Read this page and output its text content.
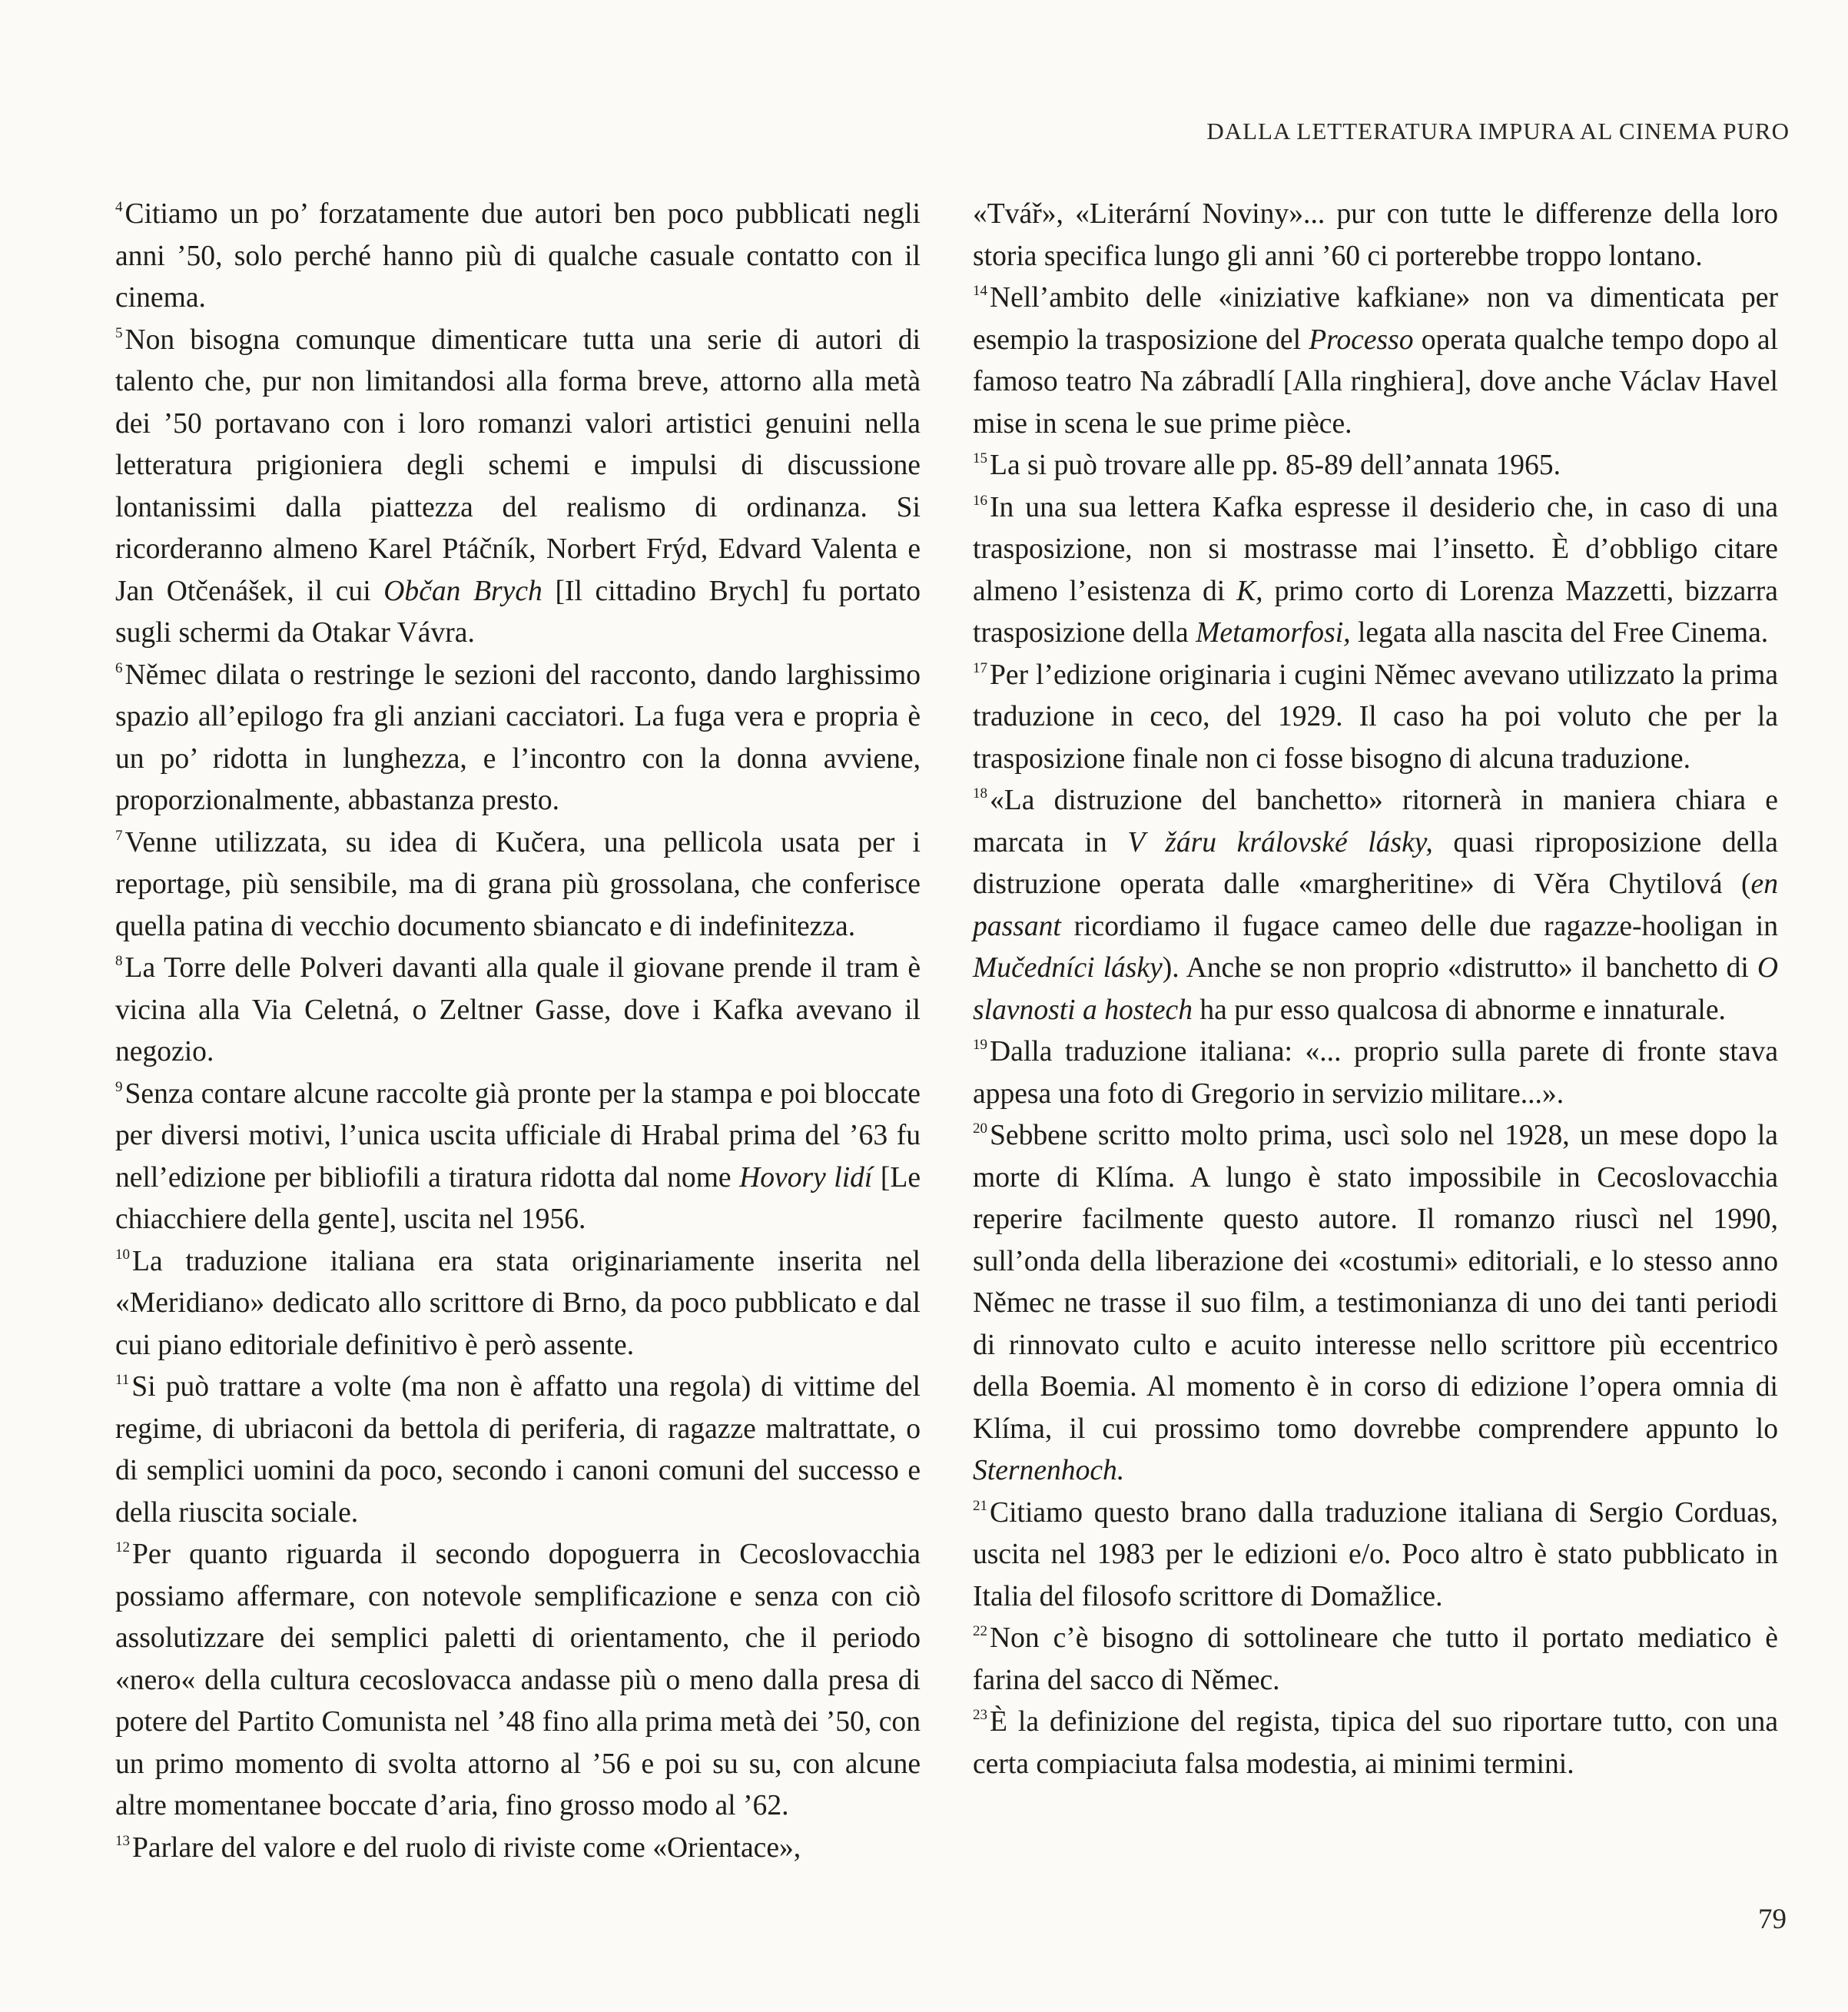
DALLA LETTERATURA IMPURA AL CINEMA PURO

$^4$Citiamo un po’ forzatamente due autori ben poco pubblicati negli anni ’50, solo perché hanno più di qualche casuale contatto con il cinema.

$^5$Non bisogna comunque dimenticare tutta una serie di autori di talento che, pur non limitandosi alla forma breve, attorno alla metà dei ’50 portavano con i loro romanzi valori artistici genuini nella letteratura prigioniera degli schemi e impulsi di discussione lontanissimi dalla piattezza del realismo di ordinanza. Si ricorderanno almeno Karel Ptáčník, Norbert Frýd, Edvard Valenta e Jan Otčenášek, il cui Občan Brych [Il cittadino Brych] fu portato sugli schermi da Otakar Vávra.

$^6$Němec dilata o restringe le sezioni del racconto, dando larghissimo spazio all’epilogo fra gli anziani cacciatori. La fuga vera e propria è un po’ ridotta in lunghezza, e l’incontro con la donna avviene, proporzionalmente, abbastanza presto.

$^7$Venne utilizzata, su idea di Kučera, una pellicola usata per i reportage, più sensibile, ma di grana più grossolana, che conferisce quella patina di vecchio documento sbiancato e di indefinitezza.

$^8$La Torre delle Polveri davanti alla quale il giovane prende il tram è vicina alla Via Celetná, o Zeltner Gasse, dove i Kafka avevano il negozio.

$^9$Senza contare alcune raccolte già pronte per la stampa e poi bloccate per diversi motivi, l’unica uscita ufficiale di Hrabal prima del ’63 fu nell’edizione per bibliofili a tiratura ridotta dal nome Hovory lidí [Le chiacchiere della gente], uscita nel 1956.

$^{10}$La traduzione italiana era stata originariamente inserita nel «Meridiano» dedicato allo scrittore di Brno, da poco pubblicato e dal cui piano editoriale definitivo è però assente.

$^{11}$Si può trattare a volte (ma non è affatto una regola) di vittime del regime, di ubriaconi da bettola di periferia, di ragazze maltrattate, o di semplici uomini da poco, secondo i canoni comuni del successo e della riuscita sociale.

$^{12}$Per quanto riguarda il secondo dopoguerra in Cecoslovacchia possiamo affermare, con notevole semplificazione e senza con ciò assolutizzare dei semplici paletti di orientamento, che il periodo «nero« della cultura cecoslovacca andasse più o meno dalla presa di potere del Partito Comunista nel ’48 fino alla prima metà dei ’50, con un primo momento di svolta attorno al ’56 e poi su su, con alcune altre momentanee boccate d’aria, fino grosso modo al ’62.

$^{13}$Parlare del valore e del ruolo di riviste come «Orientace»,

«Tvář», «Literární Noviny»... pur con tutte le differenze della loro storia specifica lungo gli anni ’60 ci porterebbe troppo lontano.

$^{14}$Nell’ambito delle «iniziative kafkiane» non va dimenticata per esempio la trasposizione del Processo operata qualche tempo dopo al famoso teatro Na zábradlí [Alla ringhiera], dove anche Václav Havel mise in scena le sue prime pièce.

$^{15}$La si può trovare alle pp. 85-89 dell’annata 1965.

$^{16}$In una sua lettera Kafka espresse il desiderio che, in caso di una trasposizione, non si mostrasse mai l’insetto. È d’obbligo citare almeno l’esistenza di K, primo corto di Lorenza Mazzetti, bizzarra trasposizione della Metamorfosi, legata alla nascita del Free Cinema.

$^{17}$Per l’edizione originaria i cugini Němec avevano utilizzato la prima traduzione in ceco, del 1929. Il caso ha poi voluto che per la trasposizione finale non ci fosse bisogno di alcuna traduzione.

$^{18}$«La distruzione del banchetto» ritornerà in maniera chiara e marcata in V žáru královské lásky, quasi riproposizione della distruzione operata dalle «margheritine» di Věra Chytilová (en passant ricordiamo il fugace cameo delle due ragazze-hooligan in Mučedníci lásky). Anche se non proprio «distrutto» il banchetto di O slavnosti a hostech ha pur esso qualcosa di abnorme e innaturale.

$^{19}$Dalla traduzione italiana: «... proprio sulla parete di fronte stava appesa una foto di Gregorio in servizio militare...».

$^{20}$Sebbene scritto molto prima, uscì solo nel 1928, un mese dopo la morte di Klíma. A lungo è stato impossibile in Cecoslovacchia reperire facilmente questo autore. Il romanzo riuscì nel 1990, sull’onda della liberazione dei «costumi» editoriali, e lo stesso anno Němec ne trasse il suo film, a testimonianza di uno dei tanti periodi di rinnovato culto e acuito interesse nello scrittore più eccentrico della Boemia. Al momento è in corso di edizione l’opera omnia di Klíma, il cui prossimo tomo dovrebbe comprendere appunto lo Sternenhoch.

$^{21}$Citiamo questo brano dalla traduzione italiana di Sergio Corduas, uscita nel 1983 per le edizioni e/o. Poco altro è stato pubblicato in Italia del filosofo scrittore di Domažlice.

$^{22}$Non c’è bisogno di sottolineare che tutto il portato mediatico è farina del sacco di Němec.

$^{23}$È la definizione del regista, tipica del suo riportare tutto, con una certa compiaciuta falsa modestia, ai minimi termini.

79
